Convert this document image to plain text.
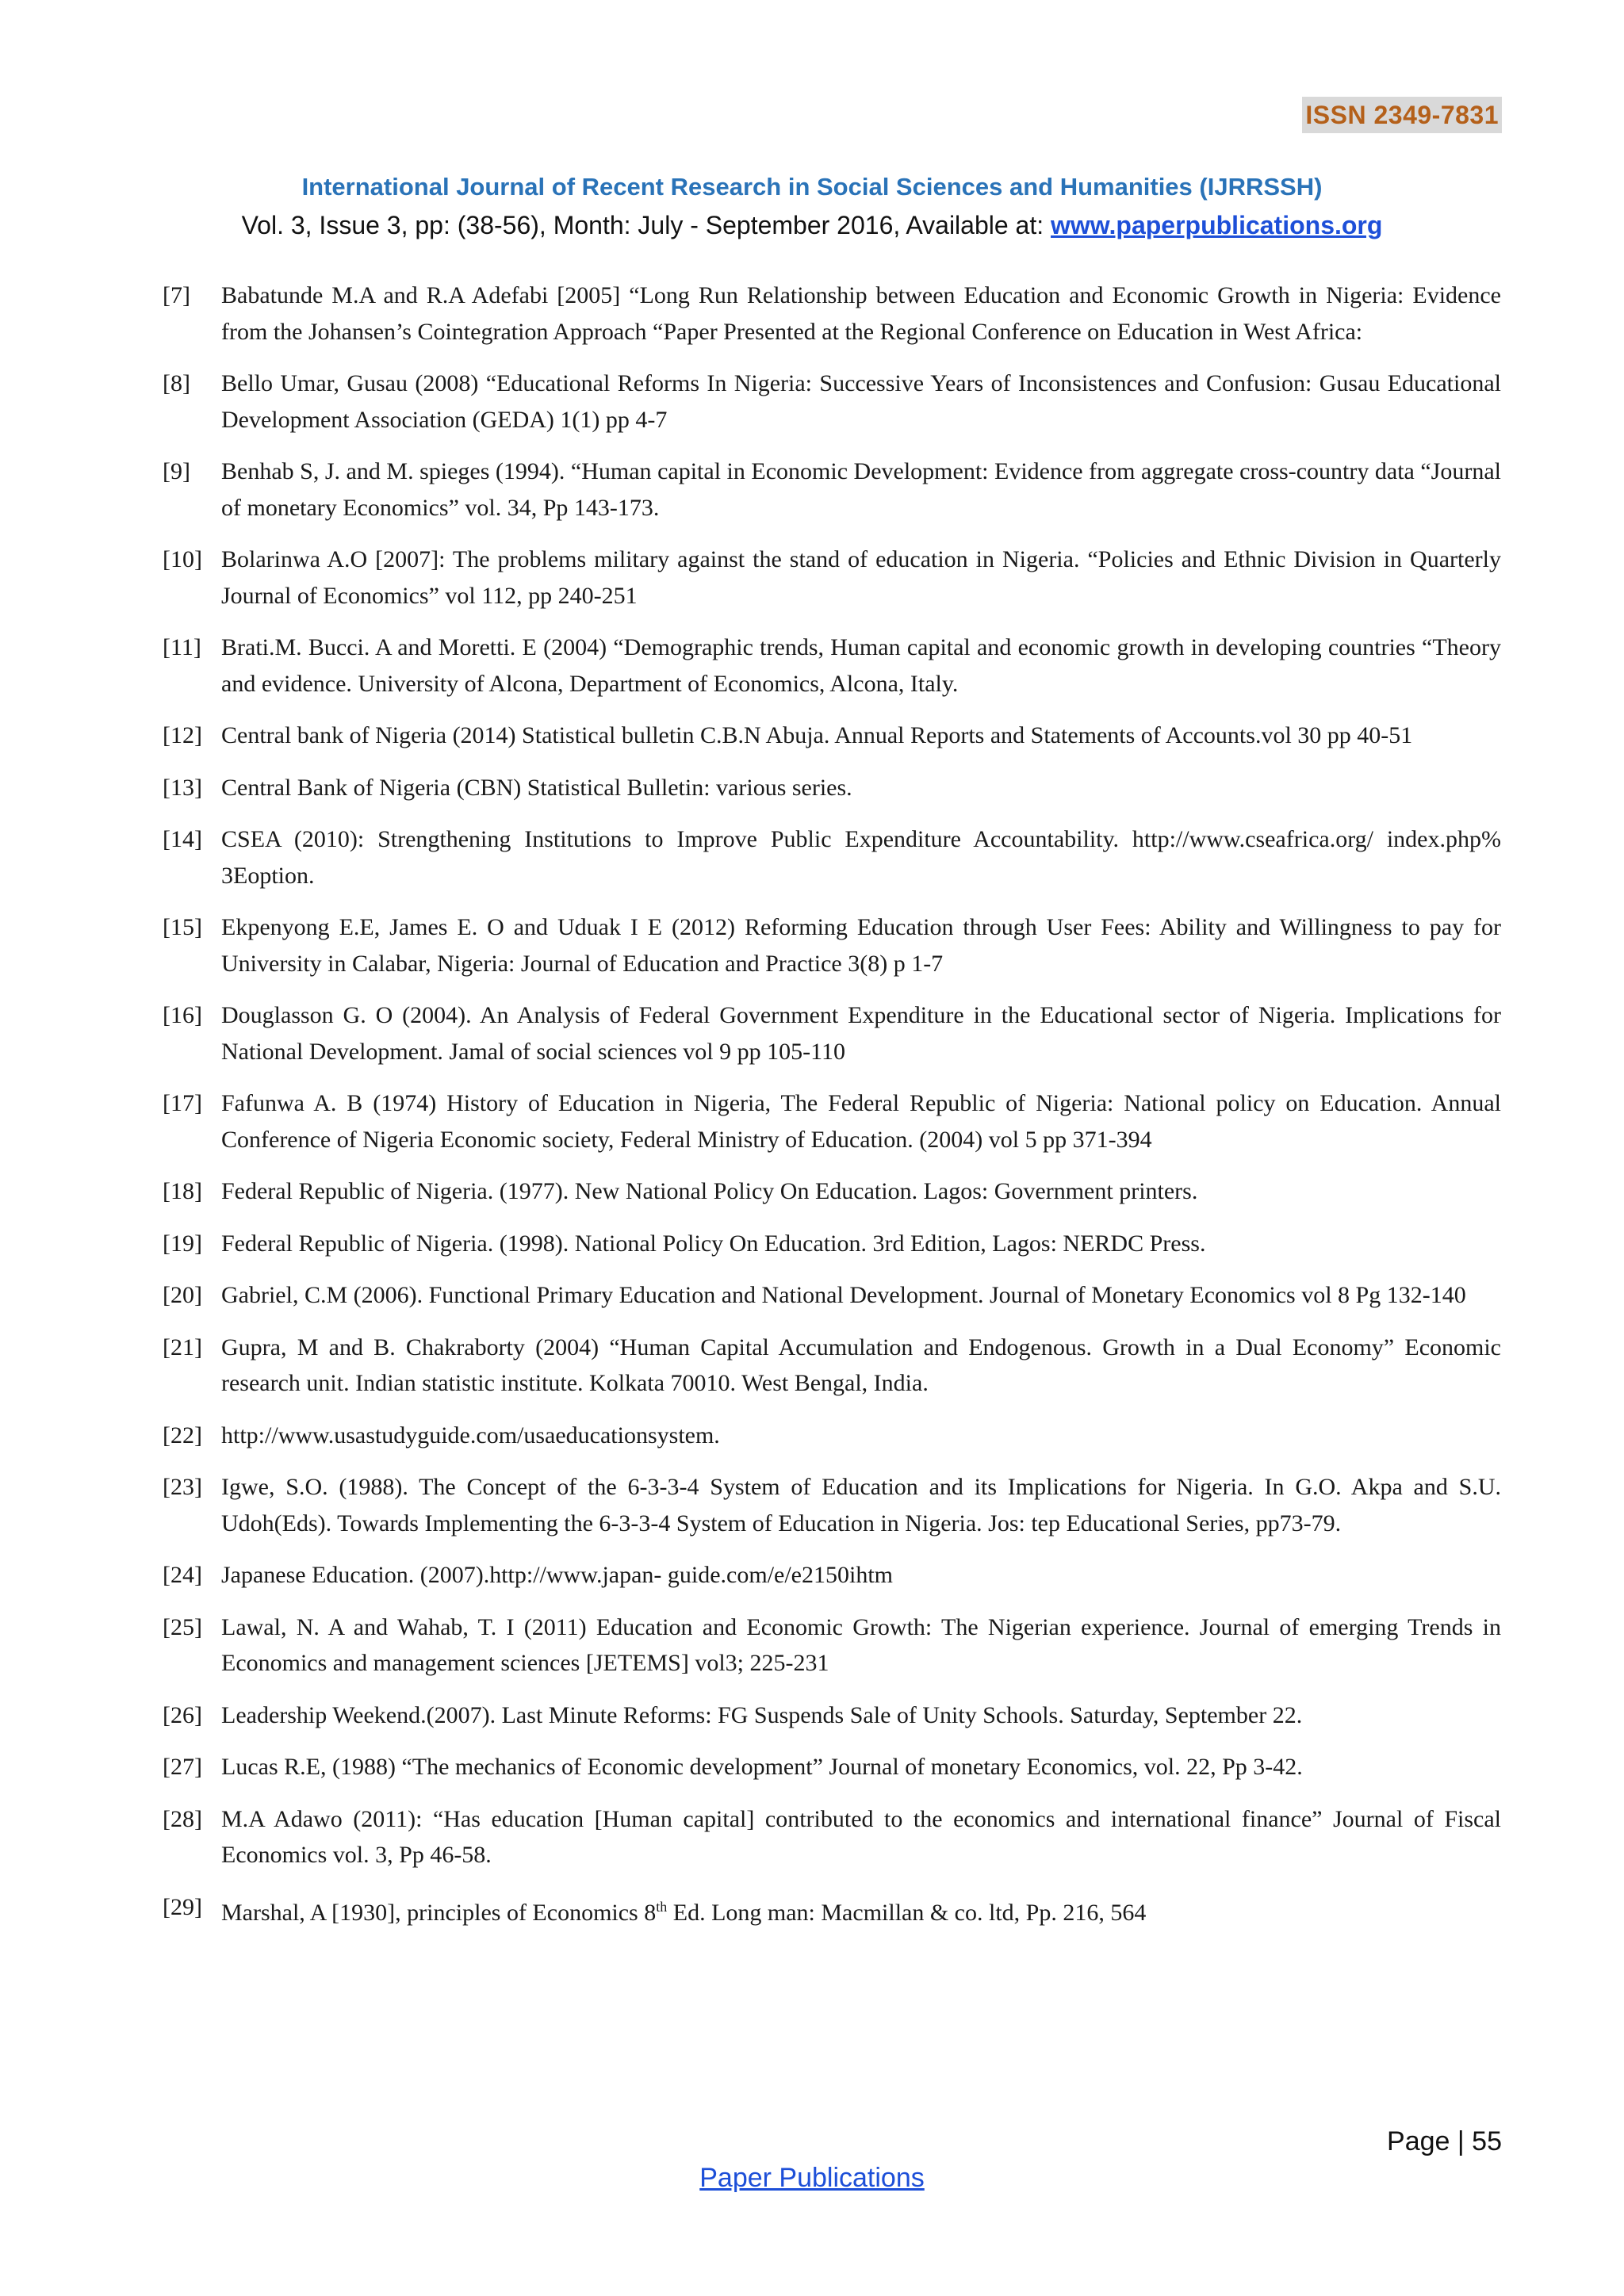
ISSN 2349-7831
International Journal of Recent Research in Social Sciences and Humanities (IJRRSSH)
Vol. 3, Issue 3, pp: (38-56), Month: July - September 2016, Available at: www.paperpublications.org
[7]	Babatunde M.A and R.A Adefabi [2005] “Long Run Relationship between Education and Economic Growth in Nigeria: Evidence from the Johansen’s Cointegration Approach “Paper Presented at the Regional Conference on Education in West Africa:
[8]	Bello Umar, Gusau (2008) “Educational Reforms In Nigeria: Successive Years of Inconsistences and Confusion: Gusau Educational Development Association (GEDA) 1(1) pp 4-7
[9]	Benhab S, J. and M. spieges (1994). “Human capital in Economic Development: Evidence from aggregate cross-country data “Journal of monetary Economics” vol. 34, Pp 143-173.
[10] Bolarinwa A.O [2007]: The problems military against the stand of education in Nigeria. “Policies and Ethnic Division in Quarterly Journal of Economics” vol 112, pp 240-251
[11] Brati.M. Bucci. A and Moretti. E (2004) “Demographic trends, Human capital and economic growth in developing countries “Theory and evidence. University of Alcona, Department of Economics, Alcona, Italy.
[12] Central bank of Nigeria (2014) Statistical bulletin C.B.N Abuja. Annual Reports and Statements of Accounts.vol 30 pp 40-51
[13] Central Bank of Nigeria (CBN) Statistical Bulletin: various series.
[14] CSEA (2010): Strengthening Institutions to Improve Public Expenditure Accountability. http://www.cseafrica.org/ index.php% 3Eoption.
[15] Ekpenyong E.E, James E. O and Uduak I E (2012) Reforming Education through User Fees: Ability and Willingness to pay for University in Calabar, Nigeria: Journal of Education and Practice 3(8) p 1-7
[16] Douglasson G. O (2004). An Analysis of Federal Government Expenditure in the Educational sector of Nigeria. Implications for National Development. Jamal of social sciences vol 9 pp 105-110
[17] Fafunwa A. B (1974) History of Education in Nigeria, The Federal Republic of Nigeria: National policy on Education. Annual Conference of Nigeria Economic society, Federal Ministry of Education. (2004) vol 5 pp 371-394
[18] Federal Republic of Nigeria. (1977). New National Policy On Education. Lagos: Government printers.
[19] Federal Republic of Nigeria. (1998). National Policy On Education. 3rd Edition, Lagos: NERDC Press.
[20] Gabriel, C.M (2006). Functional Primary Education and National Development. Journal of Monetary Economics vol 8 Pg 132-140
[21] Gupra, M and B. Chakraborty (2004) “Human Capital Accumulation and Endogenous. Growth in a Dual Economy” Economic research unit. Indian statistic institute. Kolkata 70010. West Bengal, India.
[22] http://www.usastudyguide.com/usaeducationsystem.
[23] Igwe, S.O. (1988). The Concept of the 6-3-3-4 System of Education and its Implications for Nigeria. In G.O. Akpa and S.U. Udoh(Eds). Towards Implementing the 6-3-3-4 System of Education in Nigeria. Jos: tep Educational Series, pp73-79.
[24] Japanese Education. (2007).http://www.japan- guide.com/e/e2150ihtm
[25] Lawal, N. A and Wahab, T. I (2011) Education and Economic Growth: The Nigerian experience. Journal of emerging Trends in Economics and management sciences [JETEMS] vol3; 225-231
[26] Leadership Weekend.(2007). Last Minute Reforms: FG Suspends Sale of Unity Schools. Saturday, September 22.
[27] Lucas R.E, (1988) “The mechanics of Economic development” Journal of monetary Economics, vol. 22, Pp 3-42.
[28] M.A Adawo (2011): “Has education [Human capital] contributed to the economics and international finance” Journal of Fiscal Economics vol. 3, Pp 46-58.
[29] Marshal, A [1930], principles of Economics 8th Ed. Long man: Macmillan & co. ltd, Pp. 216, 564
Page | 55
Paper Publications
